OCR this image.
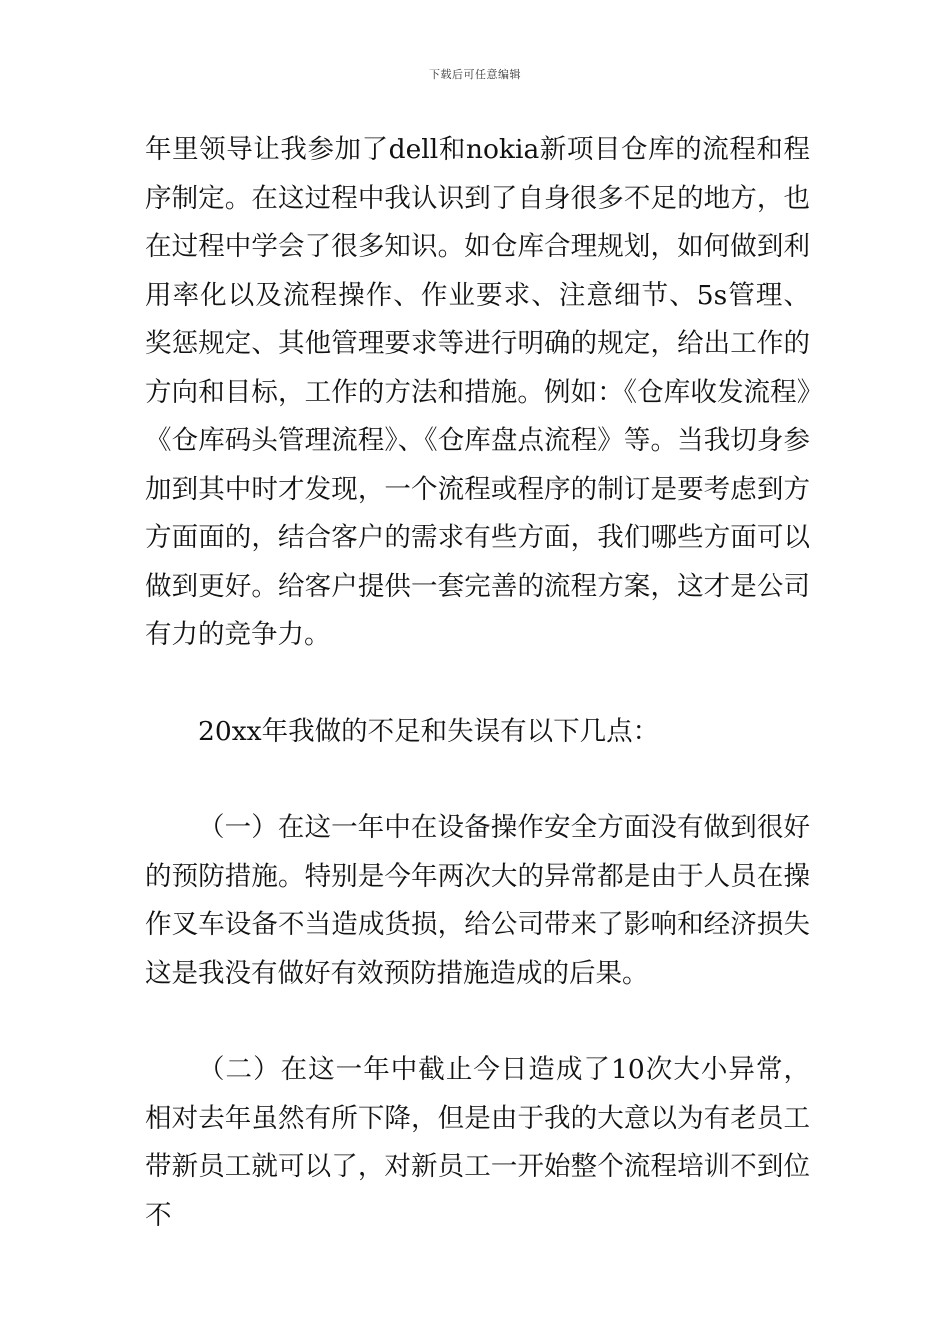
下载后可任意编辑

年里领导让我参加了dell和nokia新项目仓库的流程和程序制定。在这过程中我认识到了自身很多不足的地方，也在过程中学会了很多知识。如仓库合理规划，如何做到利用率化以及流程操作、作业要求、注意细节、5s管理、奖惩规定、其他管理要求等进行明确的规定，给出工作的方向和目标，工作的方法和措施。例如：《仓库收发流程》《仓库码头管理流程》、《仓库盘点流程》等。当我切身参加到其中时才发现，一个流程或程序的制订是要考虑到方方面面的，结合客户的需求有些方面，我们哪些方面可以做到更好。给客户提供一套完善的流程方案，这才是公司有力的竞争力。

20xx年我做的不足和失误有以下几点：

（一）在这一年中在设备操作安全方面没有做到很好的预防措施。特别是今年两次大的异常都是由于人员在操作叉车设备不当造成货损，给公司带来了影响和经济损失这是我没有做好有效预防措施造成的后果。

（二）在这一年中截止今日造成了10次大小异常，相对去年虽然有所下降，但是由于我的大意以为有老员工带新员工就可以了，对新员工一开始整个流程培训不到位不
